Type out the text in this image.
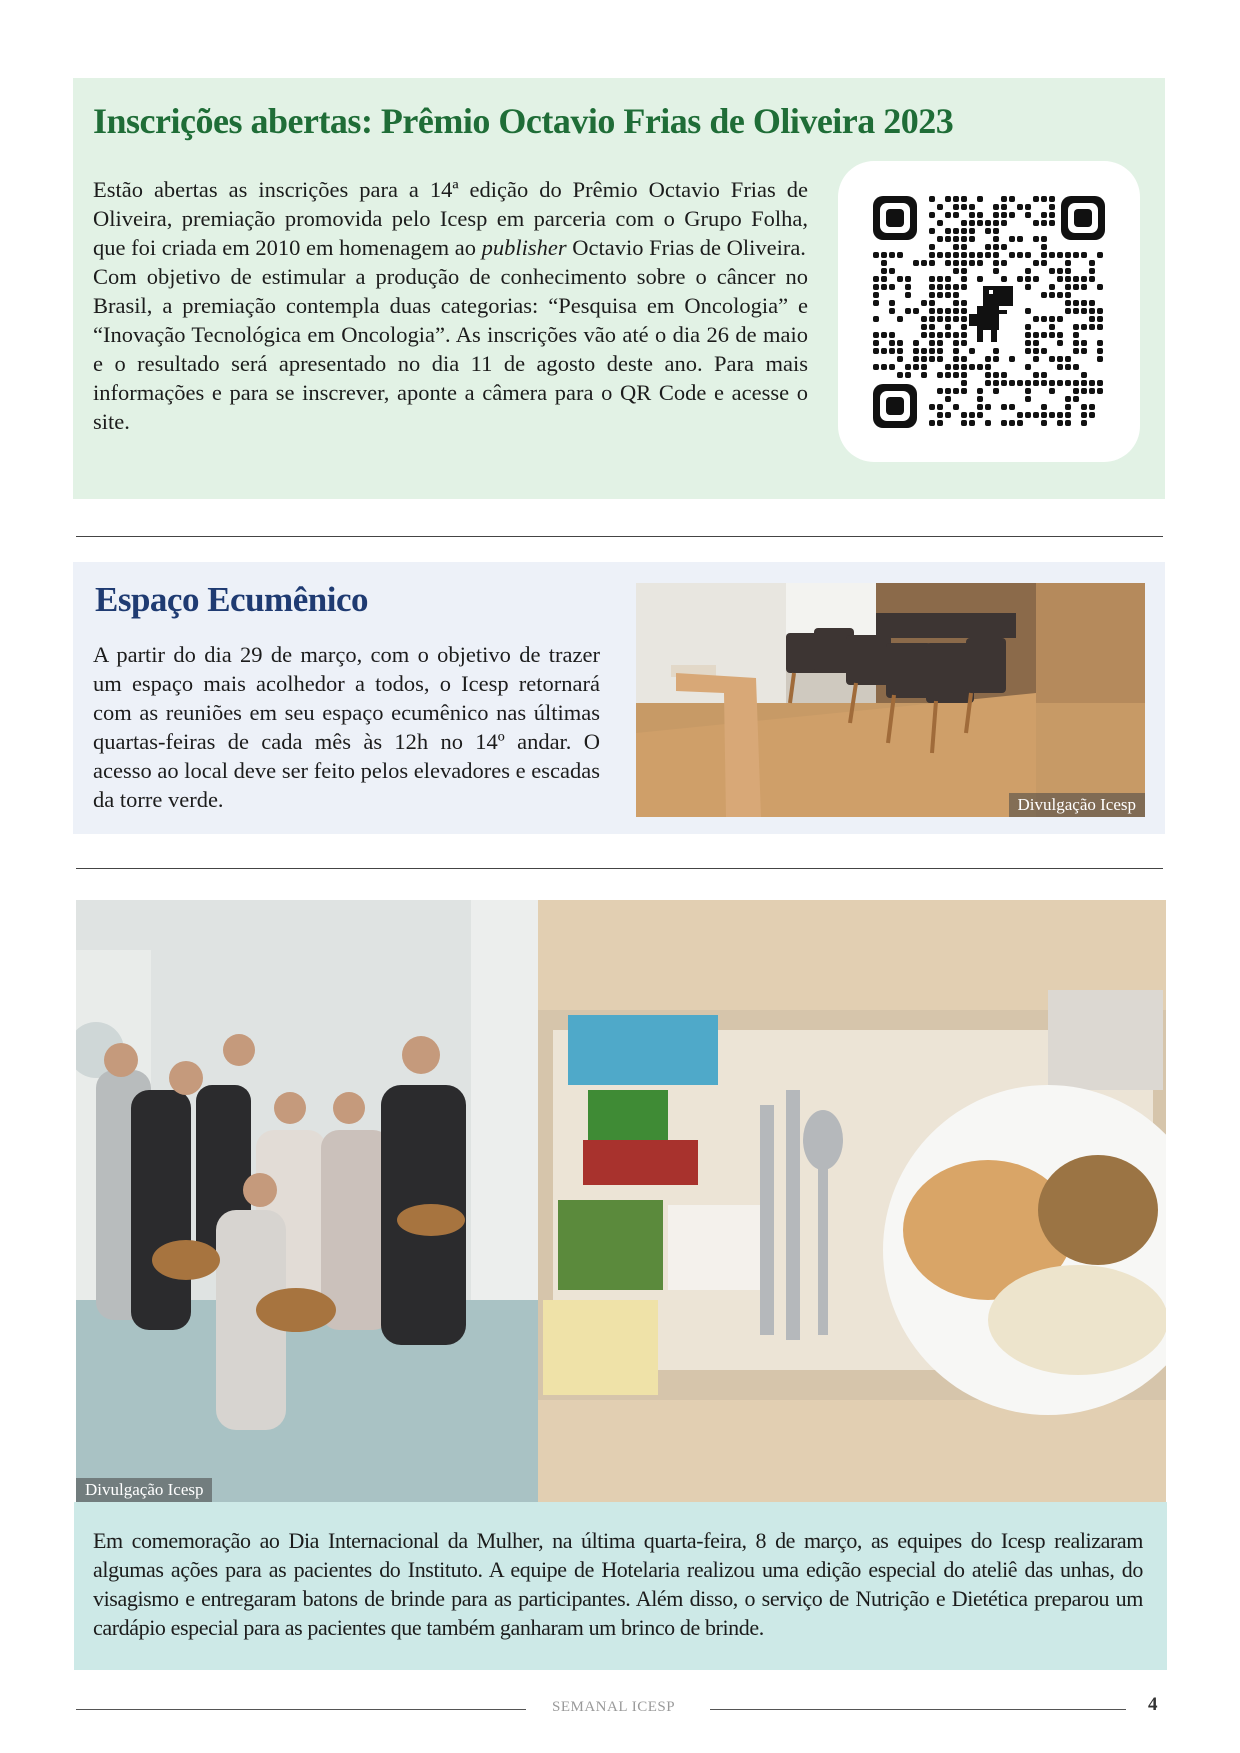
Inscrições abertas: Prêmio Octavio Frias de Oliveira 2023

Estão abertas as inscrições para a 14ª edição do Prêmio Octavio Frias de Oliveira, premiação promovida pelo Icesp em parceria com o Grupo Folha, que foi criada em 2010 em homenagem ao publisher Octavio Frias de Oliveira.

Com objetivo de estimular a produção de conhecimento sobre o câncer no Brasil, a premiação contempla duas categorias: “Pesquisa em Oncologia” e “Inovação Tecnológica em Oncologia”. As inscrições vão até o dia 26 de maio e o resultado será apresentado no dia 11 de agosto deste ano. Para mais informações e para se inscrever, aponte a câmera para o QR Code e acesse o site.

Espaço Ecumênico
A partir do dia 29 de março, com o objetivo de trazer um espaço mais acolhedor a todos, o Icesp retornará com as reuniões em seu espaço ecumênico nas últimas quartas-feiras de cada mês às 12h no 14º andar. O acesso ao local deve ser feito pelos elevadores e escadas da torre verde.	Divulgação Icesp
Divulgação Icesp
Em comemoração ao Dia Internacional da Mulher, na última quarta-feira, 8 de março, as equipes do Icesp realizaram algumas ações para as pacientes do Instituto. A equipe de Hotelaria realizou uma edição especial do ateliê das unhas, do visagismo e entregaram batons de brinde para as participantes. Além disso, o serviço de Nutrição e Dietética preparou um cardápio especial para as pacientes que também ganharam um brinco de brinde.
SEMANAL ICESP	4
